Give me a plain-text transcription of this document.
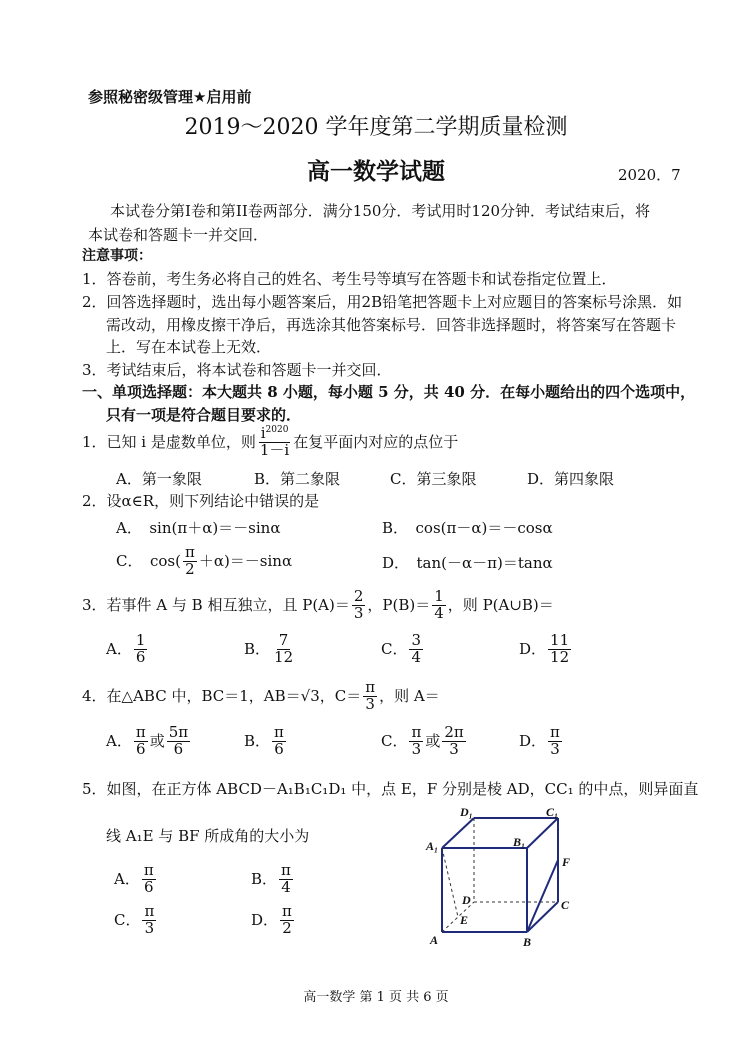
参照秘密级管理★启用前
2019～2020 学年度第二学期质量检测
高一数学试题	2020．7
本试卷分第Ⅰ卷和第II卷两部分．满分150分．考试用时120分钟．考试结束后，将
本试卷和答题卡一并交回．
注意事项：
1．答卷前，考生务必将自己的姓名、考生号等填写在答题卡和试卷指定位置上．
2．回答选择题时，选出每小题答案后，用2B铅笔把答题卡上对应题目的答案标号涂黑．如
需改动，用橡皮擦干净后，再选涂其他答案标号．回答非选择题时，将答案写在答题卡
上．写在本试卷上无效．
3．考试结束后，将本试卷和答题卡一并交回．
一、单项选择题：本大题共 8 小题，每小题 5 分，共 40 分．在每小题给出的四个选项中，
只有一项是符合题目要求的．
1．已知 i 是虚数单位，则 $\frac{i^{2020}}{1-i}$ 在复平面内对应的点位于
A．第一象限	B．第二象限	C．第三象限	D．第四象限
2．设α∈R，则下列结论中错误的是
A．　sin(π＋α)＝－sinα	B．　cos(π－α)＝－cosα
C．　$\cos( \frac{\pi}{2} +\alpha)=-\sin\alpha$	D．　tan(－α－π)＝tanα
3．若事件 A 与 B 相互独立，且 $P(A)= \frac{2}{3}$ ，$P(B)= \frac{1}{4}$ ，则 P(A∪B)＝
A． $\frac{1}{6}$	B． $\frac{7}{12}$	C． $\frac{3}{4}$	D． $\frac{11}{12}$
4．在△ABC 中，BC＝1，AB＝√3，$C= \frac{\pi}{3}$ ，则 A＝
A． $\frac{\pi}{6}$ 或 $\frac{5\pi}{6}$	B． $\frac{\pi}{6}$	C． $\frac{\pi}{3}$ 或 $\frac{2\pi}{3}$	D． $\frac{\pi}{3}$
5．如图，在正方体 ABCD－A₁B₁C₁D₁ 中，点 E，F 分别是棱 AD，CC₁ 的中点，则异面直
线 A₁E 与 BF 所成角的大小为
A． $\frac{\pi}{6}$	B． $\frac{\pi}{4}$
C． $\frac{\pi}{3}$	D． $\frac{\pi}{2}$
D₁	C₁
A₁	B₁
F
D	C
E
A	B
高一数学 第 1 页 共 6 页
